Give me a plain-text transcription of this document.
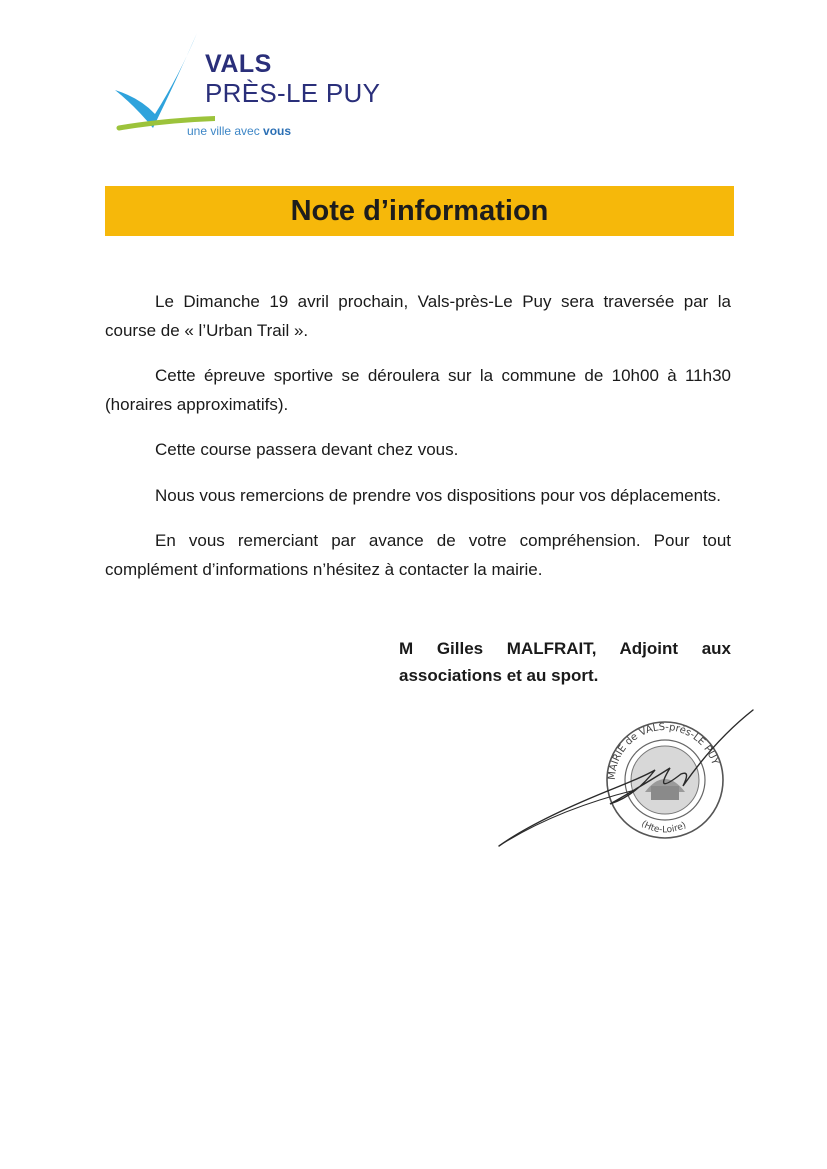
VALS
PRÈS-LE PUY
une ville avec vous
Note d’information

Le Dimanche 19 avril prochain, Vals-près-Le Puy sera traversée par la course de « l’Urban Trail ».

Cette épreuve sportive se déroulera sur la commune de 10h00 à 11h30 (horaires approximatifs).

Cette course passera devant chez vous.

Nous vous remercions de prendre vos dispositions pour vos déplacements.

En vous remerciant par avance de votre compréhension. Pour tout complément d’informations n’hésitez à contacter la mairie.

M Gilles MALFRAIT, Adjoint aux associations et au sport.
MAIRIE de VALS-près-LE PUY
(Hte-Loire)
